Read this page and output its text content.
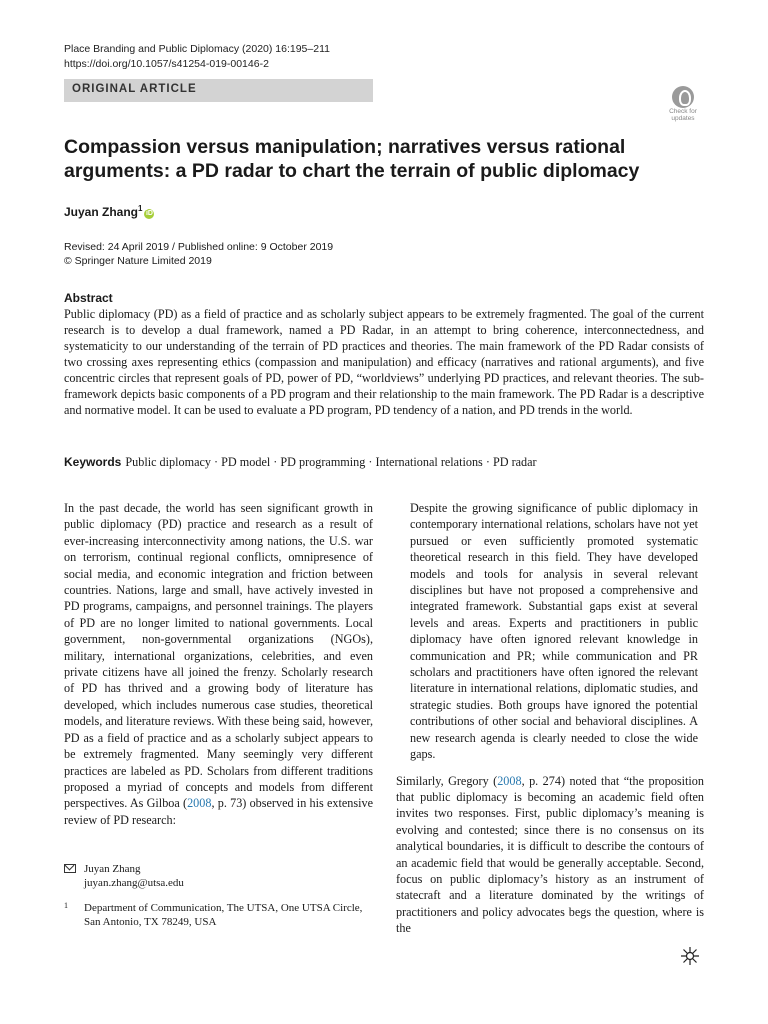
Place Branding and Public Diplomacy (2020) 16:195–211
https://doi.org/10.1057/s41254-019-00146-2
ORIGINAL ARTICLE
Check for
updates
Compassion versus manipulation; narratives versus rational arguments: a PD radar to chart the terrain of public diplomacy
Juyan Zhang$^1$iD
Revised: 24 April 2019 / Published online: 9 October 2019
© Springer Nature Limited 2019
Abstract
Public diplomacy (PD) as a field of practice and as scholarly subject appears to be extremely fragmented. The goal of the current research is to develop a dual framework, named a PD Radar, in an attempt to bring coherence, interconnectedness, and systematicity to our understanding of the terrain of PD practices and theories. The main framework of the PD Radar consists of two crossing axes representing ethics (compassion and manipulation) and efficacy (narratives and rational arguments), and five concentric circles that represent goals of PD, power of PD, “worldviews” underlying PD practices, and relevant theories. The sub-framework depicts basic components of a PD program and their relationship to the main framework. The PD Radar is a descriptive and normative model. It can be used to evaluate a PD program, PD tendency of a nation, and PD trends in the world.
Keywords Public diplomacy · PD model · PD programming · International relations · PD radar

In the past decade, the world has seen significant growth in public diplomacy (PD) practice and research as a result of ever-increasing interconnectivity among nations, the U.S. war on terrorism, continual regional conflicts, omnipresence of social media, and economic integration and friction between countries. Nations, large and small, have actively invested in PD programs, campaigns, and personnel trainings. The players of PD are no longer limited to national governments. Local government, non-governmental organizations (NGOs), military, international organizations, celebrities, and even private citizens have all joined the frenzy. Scholarly research of PD has thrived and a growing body of literature has developed, which includes numerous case studies, theoretical models, and literature reviews. With these being said, however, PD as a field of practice and as a scholarly subject appears to be extremely fragmented. Many seemingly very different practices are labeled as PD. Scholars from different traditions proposed a myriad of concepts and models from different perspectives. As Gilboa (2008, p. 73) observed in his extensive review of PD research:

Despite the growing significance of public diplomacy in contemporary international relations, scholars have not yet pursued or even sufficiently promoted systematic theoretical research in this field. They have developed models and tools for analysis in several relevant disciplines but have not proposed a comprehensive and integrated framework. Substantial gaps exist at several levels and areas. Experts and practitioners in public diplomacy have often ignored relevant knowledge in communication and PR; while communication and PR scholars and practitioners have often ignored the relevant literature in international relations, diplomatic studies, and strategic studies. Both groups have ignored the potential contributions of other social and behavioral disciplines. A new research agenda is clearly needed to close the wide gaps.

Similarly, Gregory (2008, p. 274) noted that “the proposition that public diplomacy is becoming an academic field often invites two responses. First, public diplomacy’s meaning is evolving and contested; since there is no consensus on its analytical boundaries, it is difficult to describe the contours of an academic field that would be generally acceptable. Second, focus on public diplomacy’s history as an instrument of statecraft and a literature dominated by the writings of practitioners and policy advocates begs the question, where is the

Juyan Zhang
juyan.zhang@utsa.edu
1 Department of Communication, The UTSA, One UTSA Circle, San Antonio, TX 78249, USA
